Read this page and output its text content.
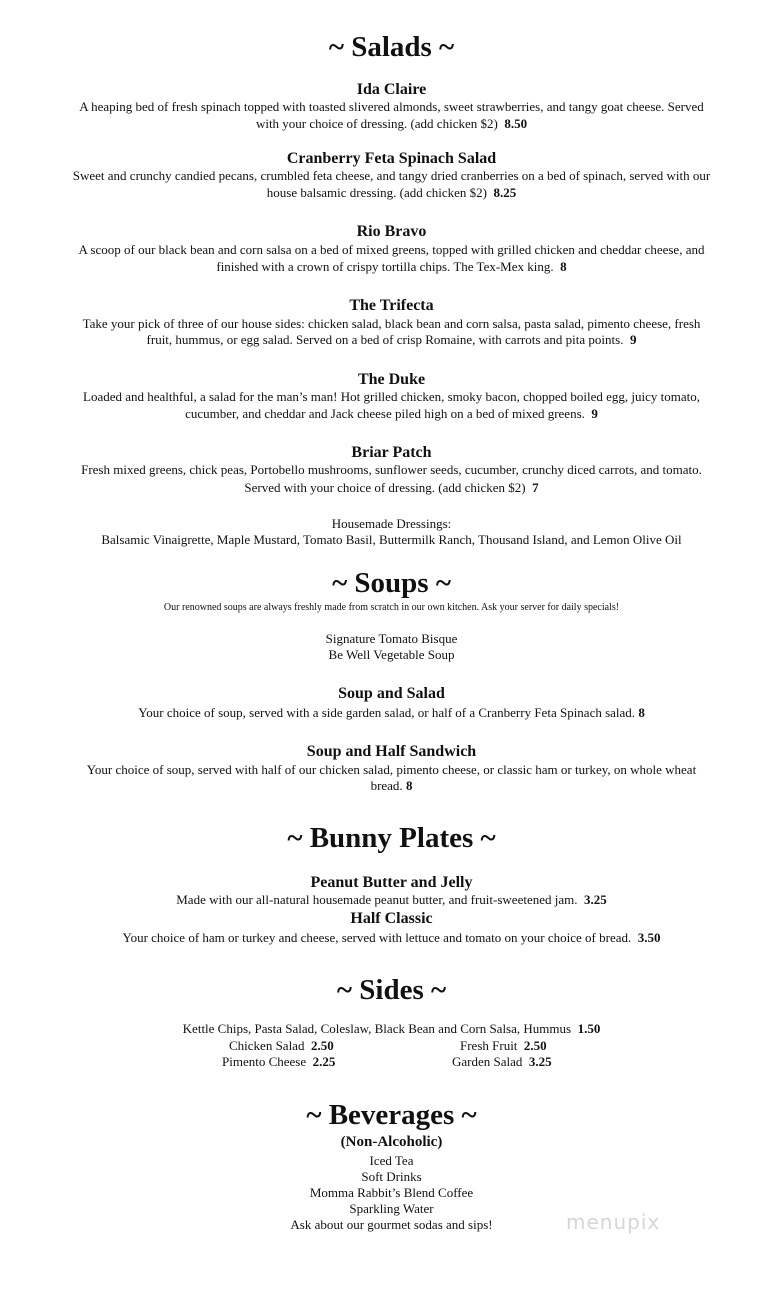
~ Salads ~
Ida Claire

A heaping bed of fresh spinach topped with toasted slivered almonds, sweet strawberries, and tangy goat cheese. Served

with your choice of dressing. (add chicken $2) 8.50

Cranberry Feta Spinach Salad

Sweet and crunchy candied pecans, crumbled feta cheese, and tangy dried cranberries on a bed of spinach, served with our

house balsamic dressing. (add chicken $2) 8.25

Rio Bravo

A scoop of our black bean and corn salsa on a bed of mixed greens, topped with grilled chicken and cheddar cheese, and

finished with a crown of crispy tortilla chips. The Tex-Mex king. 8

The Trifecta

Take your pick of three of our house sides: chicken salad, black bean and corn salsa, pasta salad, pimento cheese, fresh

fruit, hummus, or egg salad. Served on a bed of crisp Romaine, with carrots and pita points. 9

The Duke

Loaded and healthful, a salad for the man’s man! Hot grilled chicken, smoky bacon, chopped boiled egg, juicy tomato,

cucumber, and cheddar and Jack cheese piled high on a bed of mixed greens. 9

Briar Patch

Fresh mixed greens, chick peas, Portobello mushrooms, sunflower seeds, cucumber, crunchy diced carrots, and tomato.

Served with your choice of dressing. (add chicken $2) 7

Housemade Dressings:

Balsamic Vinaigrette, Maple Mustard, Tomato Basil, Buttermilk Ranch, Thousand Island, and Lemon Olive Oil

~ Soups ~

Our renowned soups are always freshly made from scratch in our own kitchen. Ask your server for daily specials!

Signature Tomato Bisque

Be Well Vegetable Soup

Soup and Salad

Your choice of soup, served with a side garden salad, or half of a Cranberry Feta Spinach salad. 8

Soup and Half Sandwich

Your choice of soup, served with half of our chicken salad, pimento cheese, or classic ham or turkey, on whole wheat

bread. 8

~ Bunny Plates ~
Peanut Butter and Jelly

Made with our all-natural housemade peanut butter, and fruit-sweetened jam. 3.25

Half Classic

Your choice of ham or turkey and cheese, served with lettuce and tomato on your choice of bread. 3.50

~ Sides ~

Kettle Chips, Pasta Salad, Coleslaw, Black Bean and Corn Salsa, Hummus 1.50

Chicken Salad 2.50
Pimento Cheese 2.25
Fresh Fruit 2.50
Garden Salad 3.25
~ Beverages ~

(Non-Alcoholic)

Iced Tea

Soft Drinks

Momma Rabbit’s Blend Coffee

Sparkling Water

Ask about our gourmet sodas and sips!	menupix
